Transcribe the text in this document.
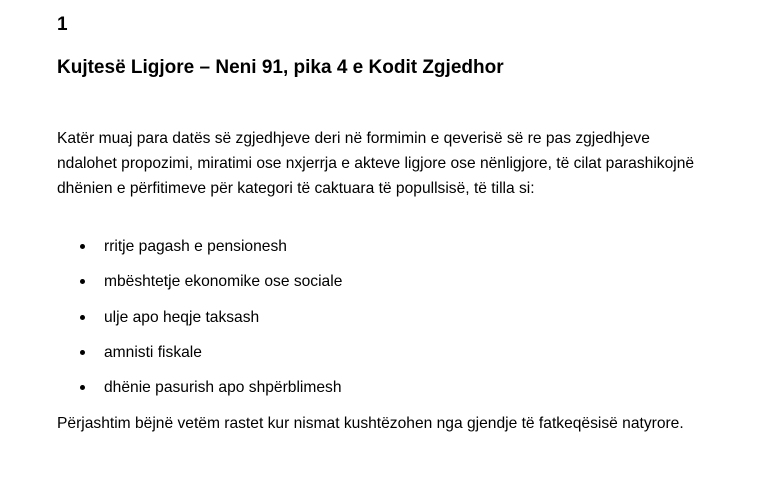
1
Kujtesë Ligjore – Neni 91, pika 4 e Kodit Zgjedhor
Katër muaj para datës së zgjedhjeve deri në formimin e qeverisë së re pas zgjedhjeve ndalohet propozimi, miratimi ose nxjerrja e akteve ligjore ose nënligjore, të cilat parashikojnë dhënien e përfitimeve për kategori të caktuara të popullsisë, të tilla si:
rritje pagash e pensionesh
mbështetje ekonomike ose sociale
ulje apo heqje taksash
amnisti fiskale
dhënie pasurish apo shpërblimesh
Përjashtim bëjnë vetëm rastet kur nismat kushtëzohen nga gjendje të fatkeqësisë natyrore.
